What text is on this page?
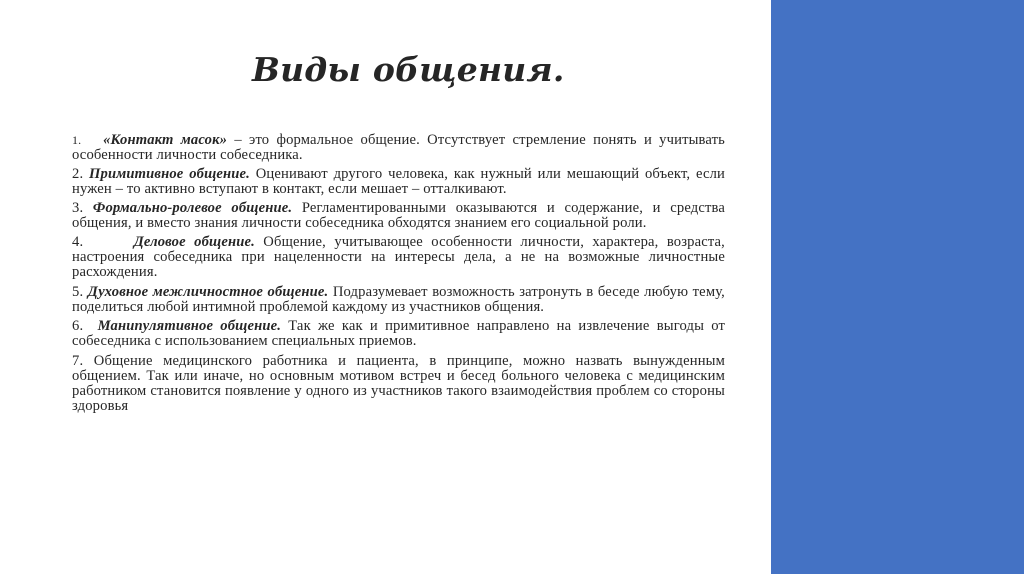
Виды общения.
1. «Контакт масок» – это формальное общение. Отсутствует стремление понять и учитывать особенности личности собеседника.
2. Примитивное общение. Оценивают другого человека, как нужный или мешающий объект, если нужен – то активно вступают в контакт, если мешает – отталкивают.
3. Формально-ролевое общение. Регламентированными оказываются и содержание, и средства общения, и вместо знания личности собеседника обходятся знанием его социальной роли.
4.	Деловое общение. Общение, учитывающее особенности личности, характера, возраста, настроения собеседника при нацеленности на интересы дела, а не на возможные личностные расхождения.
5. Духовное межличностное общение. Подразумевает возможность затронуть в беседе любую тему, поделиться любой интимной проблемой каждому из участников общения.
6. Манипулятивное общение. Так же как и примитивное направлено на извлечение выгоды от собеседника с использованием специальных приемов.
7. Общение медицинского работника и пациента, в принципе, можно назвать вынужденным общением. Так или иначе, но основным мотивом встреч и бесед больного человека с медицинским работником становится появление у одного из участников такого взаимодействия проблем со стороны здоровья
